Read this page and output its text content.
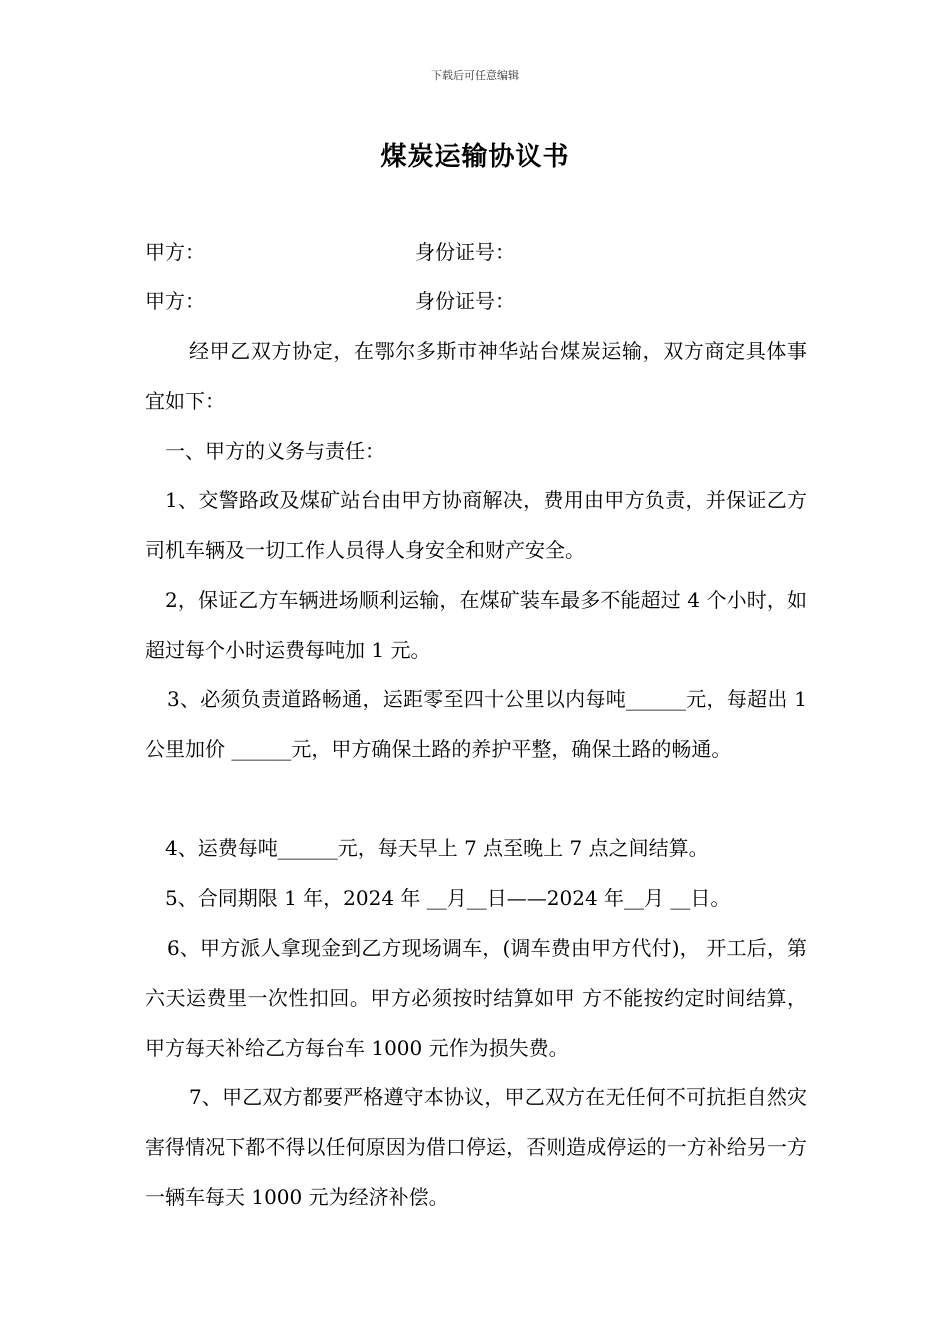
下载后可任意编辑
煤炭运输协议书
甲方：	身份证号：
甲方：	身份证号：

经甲乙双方协定，在鄂尔多斯市神华站台煤炭运输，双方商定具体事宜如下：

一、甲方的义务与责任：

1、交警路政及煤矿站台由甲方协商解决，费用由甲方负责，并保证乙方司机车辆及一切工作人员得人身安全和财产安全。

2，保证乙方车辆进场顺利运输，在煤矿装车最多不能超过 4 个小时，如超过每个小时运费每吨加 1 元。

3、必须负责道路畅通，运距零至四十公里以内每吨______元，每超出 1 公里加价 ______元，甲方确保土路的养护平整，确保土路的畅通。

4、运费每吨______元，每天早上 7 点至晚上 7 点之间结算。

5、合同期限 1 年，2024 年 __月__日——2024 年__月 __日。

6、甲方派人拿现金到乙方现场调车，(调车费由甲方代付)， 开工后，第六天运费里一次性扣回。甲方必须按时结算如甲 方不能按约定时间结算，甲方每天补给乙方每台车 1000 元作为损失费。

7、甲乙双方都要严格遵守本协议，甲乙双方在无任何不可抗拒自然灾害得情况下都不得以任何原因为借口停运，否则造成停运的一方补给另一方一辆车每天 1000 元为经济补偿。
